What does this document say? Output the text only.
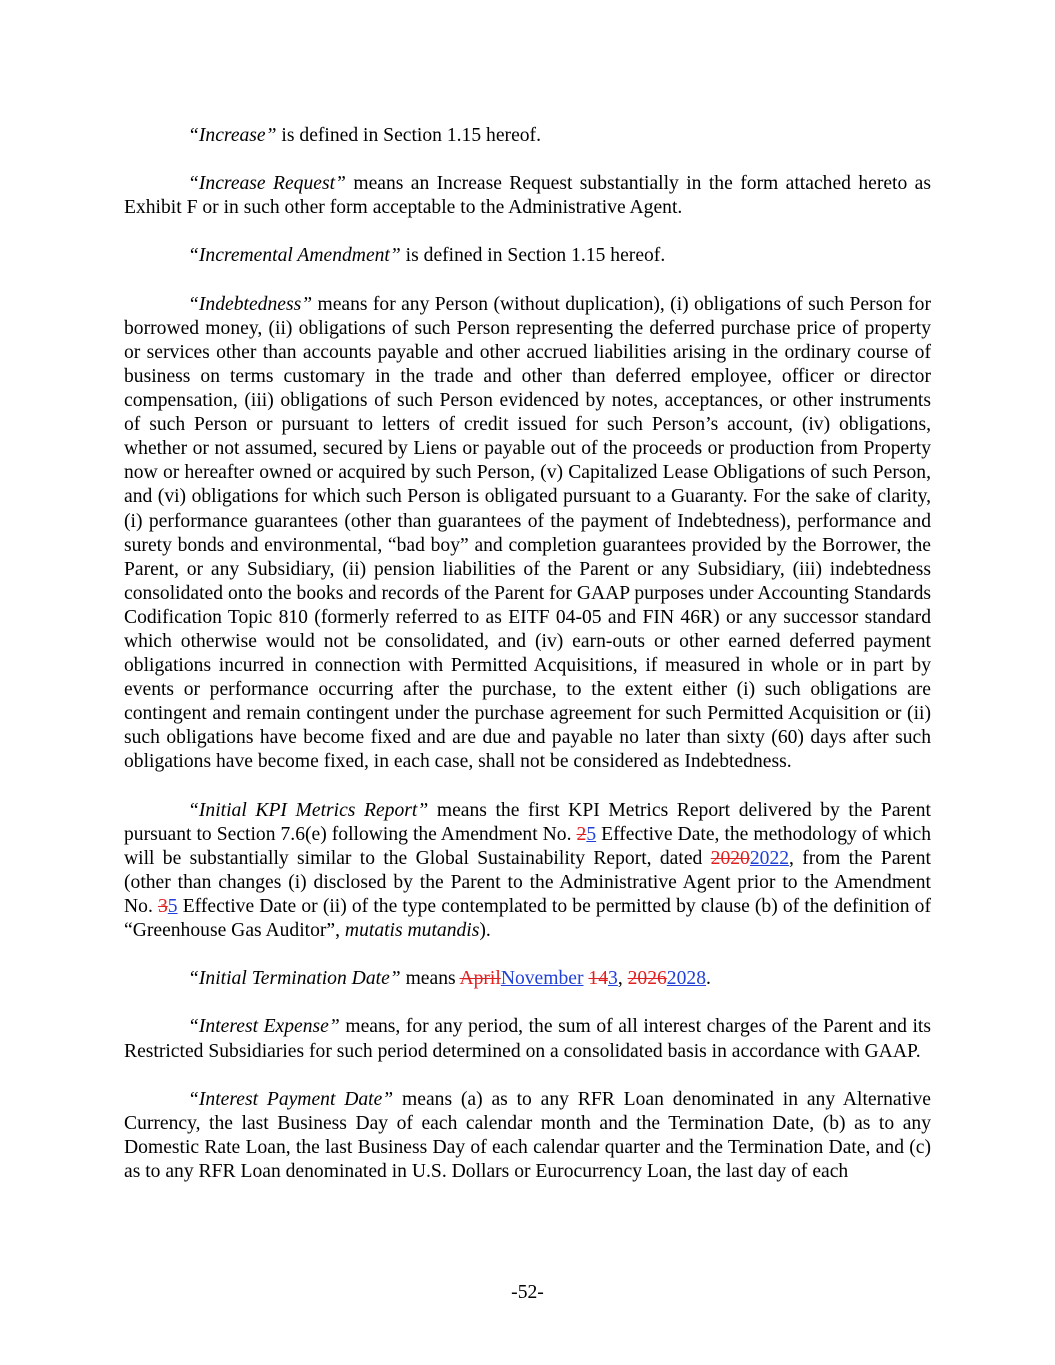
“Increase” is defined in Section 1.15 hereof.

“Increase Request” means an Increase Request substantially in the form attached hereto as Exhibit F or in such other form acceptable to the Administrative Agent.

“Incremental Amendment” is defined in Section 1.15 hereof.

“Indebtedness” means for any Person (without duplication), (i) obligations of such Person for borrowed money, (ii) obligations of such Person representing the deferred purchase price of property or services other than accounts payable and other accrued liabilities arising in the ordinary course of business on terms customary in the trade and other than deferred employee, officer or director compensation, (iii) obligations of such Person evidenced by notes, acceptances, or other instruments of such Person or pursuant to letters of credit issued for such Person’s account, (iv) obligations, whether or not assumed, secured by Liens or payable out of the proceeds or production from Property now or hereafter owned or acquired by such Person, (v) Capitalized Lease Obligations of such Person, and (vi) obligations for which such Person is obligated pursuant to a Guaranty. For the sake of clarity, (i) performance guarantees (other than guarantees of the payment of Indebtedness), performance and surety bonds and environmental, “bad boy” and completion guarantees provided by the Borrower, the Parent, or any Subsidiary, (ii) pension liabilities of the Parent or any Subsidiary, (iii) indebtedness consolidated onto the books and records of the Parent for GAAP purposes under Accounting Standards Codification Topic 810 (formerly referred to as EITF 04-05 and FIN 46R) or any successor standard which otherwise would not be consolidated, and (iv) earn-outs or other earned deferred payment obligations incurred in connection with Permitted Acquisitions, if measured in whole or in part by events or performance occurring after the purchase, to the extent either (i) such obligations are contingent and remain contingent under the purchase agreement for such Permitted Acquisition or (ii) such obligations have become fixed and are due and payable no later than sixty (60) days after such obligations have become fixed, in each case, shall not be considered as Indebtedness.

“Initial KPI Metrics Report” means the first KPI Metrics Report delivered by the Parent pursuant to Section 7.6(e) following the Amendment No. 25 Effective Date, the methodology of which will be substantially similar to the Global Sustainability Report, dated 20202022, from the Parent (other than changes (i) disclosed by the Parent to the Administrative Agent prior to the Amendment No. 35 Effective Date or (ii) of the type contemplated to be permitted by clause (b) of the definition of “Greenhouse Gas Auditor”, mutatis mutandis).

“Initial Termination Date” means AprilNovember 143, 20262028.

“Interest Expense” means, for any period, the sum of all interest charges of the Parent and its Restricted Subsidiaries for such period determined on a consolidated basis in accordance with GAAP.

“Interest Payment Date” means (a) as to any RFR Loan denominated in any Alternative Currency, the last Business Day of each calendar month and the Termination Date, (b) as to any Domestic Rate Loan, the last Business Day of each calendar quarter and the Termination Date, and (c) as to any RFR Loan denominated in U.S. Dollars or Eurocurrency Loan, the last day of each

-52-
